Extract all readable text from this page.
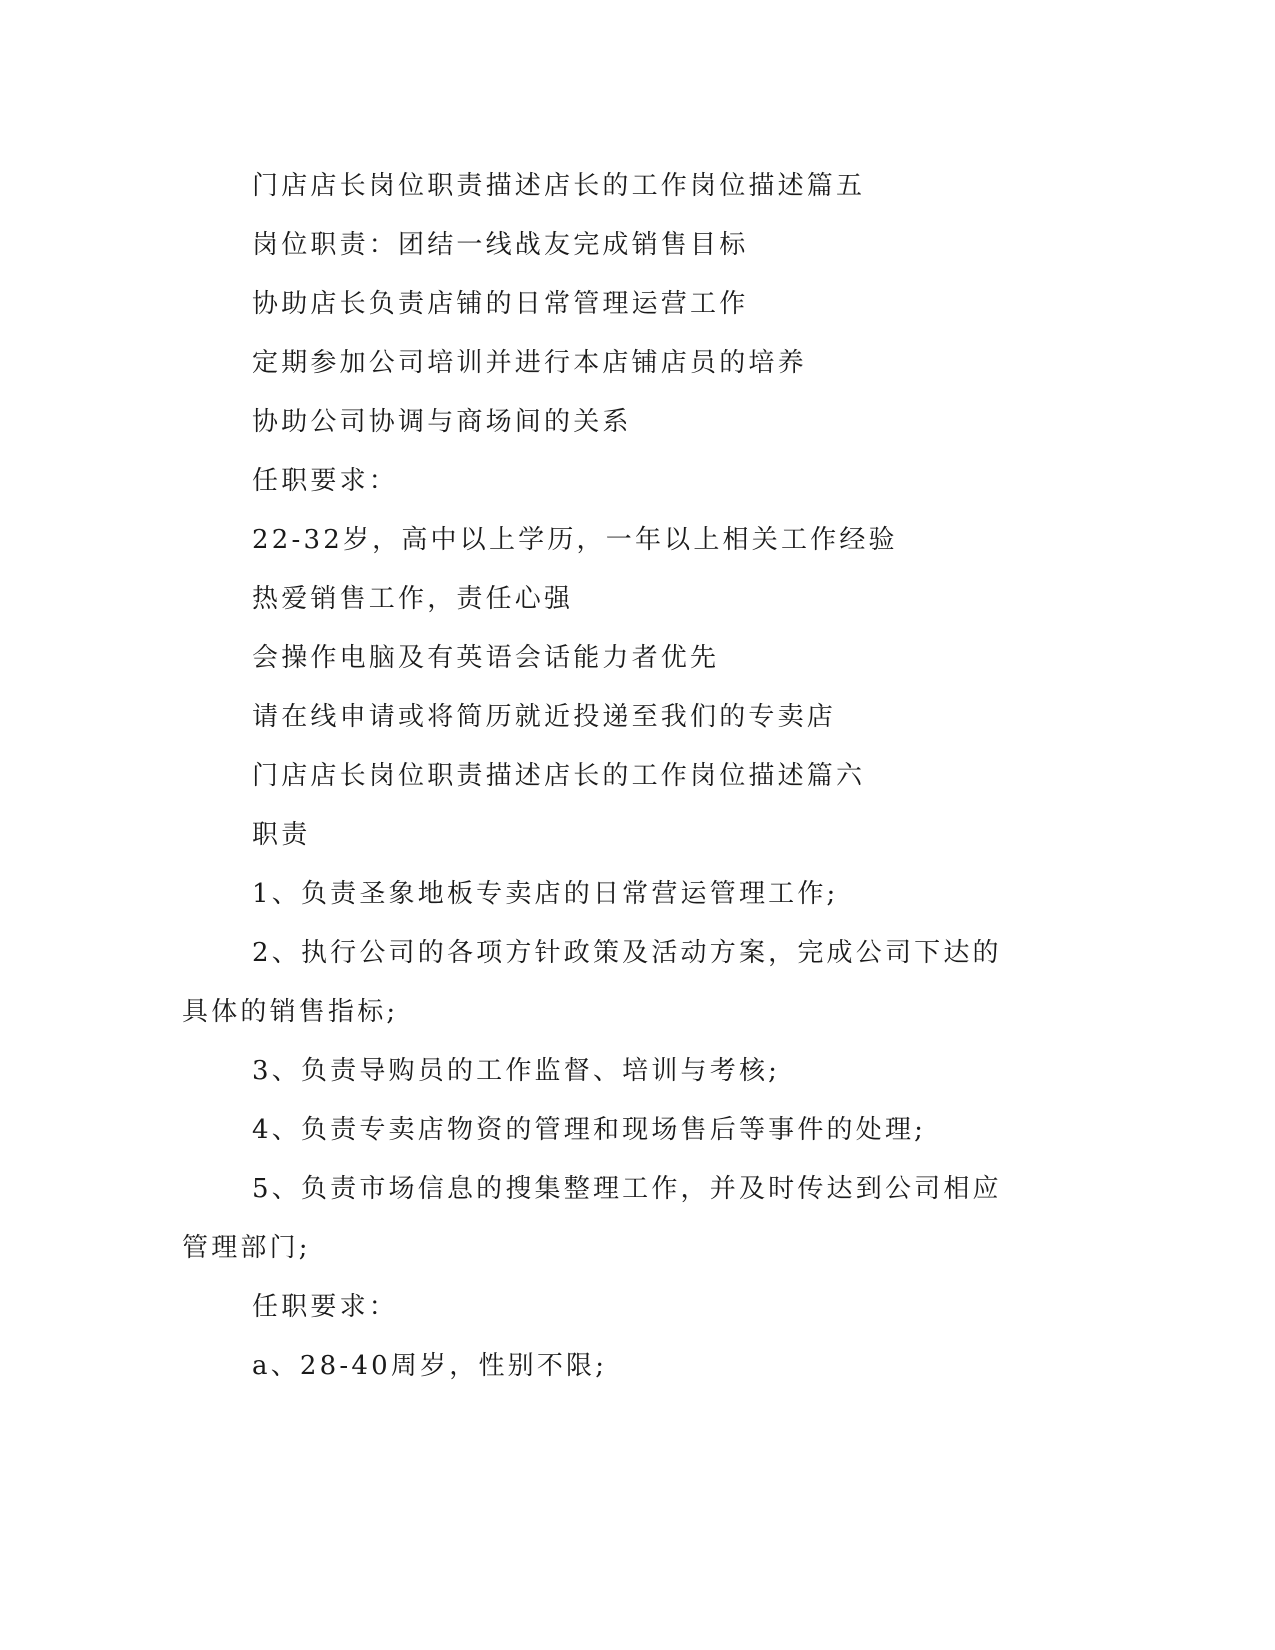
门店店长岗位职责描述店长的工作岗位描述篇五

岗位职责：团结一线战友完成销售目标

协助店长负责店铺的日常管理运营工作

定期参加公司培训并进行本店铺店员的培养

协助公司协调与商场间的关系

任职要求：

22-32岁，高中以上学历，一年以上相关工作经验

热爱销售工作，责任心强

会操作电脑及有英语会话能力者优先

请在线申请或将简历就近投递至我们的专卖店

门店店长岗位职责描述店长的工作岗位描述篇六

职责

1、负责圣象地板专卖店的日常营运管理工作;

2、执行公司的各项方针政策及活动方案，完成公司下达的具体的销售指标;

3、负责导购员的工作监督、培训与考核;

4、负责专卖店物资的管理和现场售后等事件的处理;

5、负责市场信息的搜集整理工作，并及时传达到公司相应管理部门;

任职要求：

a、28-40周岁，性别不限;
